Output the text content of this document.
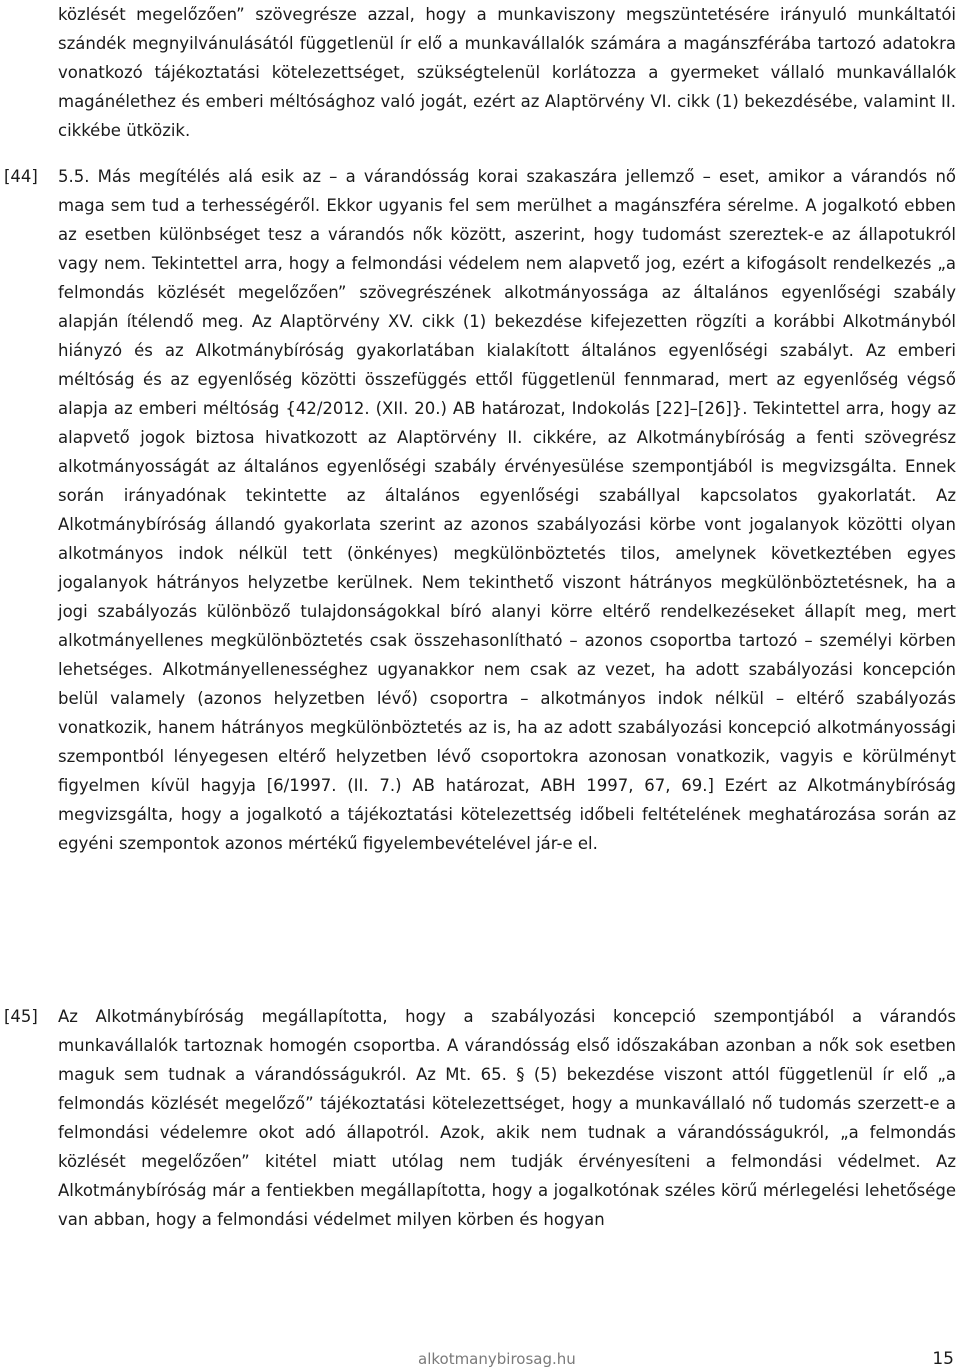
közlését megelőzően” szövegrésze azzal, hogy a munkaviszony megszüntetésére irányuló munkáltatói szándék megnyilvánulásától függetlenül ír elő a munkavállalók számára a magánszférába tartozó adatokra vonatkozó tájékoztatási kötelezettséget, szükségtelenül korlátozza a gyermeket vállaló munkavállalók magánélethez és emberi méltósághoz való jogát, ezért az Alaptörvény VI. cikk (1) bekezdésébe, valamint II. cikkébe ütközik.

[44] 5.5. Más megítélés alá esik az – a várandósság korai szakaszára jellemző – eset, amikor a várandós nő maga sem tud a terhességéről. Ekkor ugyanis fel sem merülhet a magánszféra sérelme. A jogalkotó ebben az esetben különbséget tesz a várandós nők között, aszerint, hogy tudomást szereztek-e az állapotukról vagy nem. Tekintettel arra, hogy a felmondási védelem nem alapvető jog, ezért a kifogásolt rendelkezés „a felmondás közlését megelőzően” szövegrészének alkotmányossága az általános egyenlőségi szabály alapján ítélendő meg. Az Alaptörvény XV. cikk (1) bekezdése kifejezetten rögzíti a korábbi Alkotmányból hiányzó és az Alkotmánybíróság gyakorlatában kialakított általános egyenlőségi szabályt. Az emberi méltóság és az egyenlőség közötti összefüggés ettől függetlenül fennmarad, mert az egyenlőség végső alapja az emberi méltóság {42/2012. (XII. 20.) AB határozat, Indokolás [22]–[26]}. Tekintettel arra, hogy az alapvető jogok biztosa hivatkozott az Alaptörvény II. cikkére, az Alkotmánybíróság a fenti szövegrész alkotmányosságát az általános egyenlőségi szabály érvényesülése szempontjából is megvizsgálta. Ennek során irányadónak tekintette az általános egyenlőségi szabállyal kapcsolatos gyakorlatát. Az Alkotmánybíróság állandó gyakorlata szerint az azonos szabályozási körbe vont jogalanyok közötti olyan alkotmányos indok nélkül tett (önkényes) megkülönböztetés tilos, amelynek következtében egyes jogalanyok hátrányos helyzetbe kerülnek. Nem tekinthető viszont hátrányos megkülönböztetésnek, ha a jogi szabályozás különböző tulajdonságokkal bíró alanyi körre eltérő rendelkezéseket állapít meg, mert alkotmányellenes megkülönböztetés csak összehasonlítható – azonos csoportba tartozó – személyi körben lehetséges. Alkotmányellenességhez ugyanakkor nem csak az vezet, ha adott szabályozási koncepción belül valamely (azonos helyzetben lévő) csoportra – alkotmányos indok nélkül – eltérő szabályozás vonatkozik, hanem hátrányos megkülönböztetés az is, ha az adott szabályozási koncepció alkotmányossági szempontból lényegesen eltérő helyzetben lévő csoportokra azonosan vonatkozik, vagyis e körülményt figyelmen kívül hagyja [6/1997. (II. 7.) AB határozat, ABH 1997, 67, 69.] Ezért az Alkotmánybíróság megvizsgálta, hogy a jogalkotó a tájékoztatási kötelezettség időbeli feltételének meghatározása során az egyéni szempontok azonos mértékű figyelembevételével jár-e el.

[45] Az Alkotmánybíróság megállapította, hogy a szabályozási koncepció szempontjából a várandós munkavállalók tartoznak homogén csoportba. A várandósság első időszakában azonban a nők sok esetben maguk sem tudnak a várandósságukról. Az Mt. 65. § (5) bekezdése viszont attól függetlenül ír elő „a felmondás közlését megelőző” tájékoztatási kötelezettséget, hogy a munkavállaló nő tudomás szerzett-e a felmondási védelemre okot adó állapotról. Azok, akik nem tudnak a várandósságukról, „a felmondás közlését megelőzően” kitétel miatt utólag nem tudják érvényesíteni a felmondási védelmet. Az Alkotmánybíróság már a fentiekben megállapította, hogy a jogalkotónak széles körű mérlegelési lehetősége van abban, hogy a felmondási védelmet milyen körben és hogyan

alkotmanybirosag.hu	15
